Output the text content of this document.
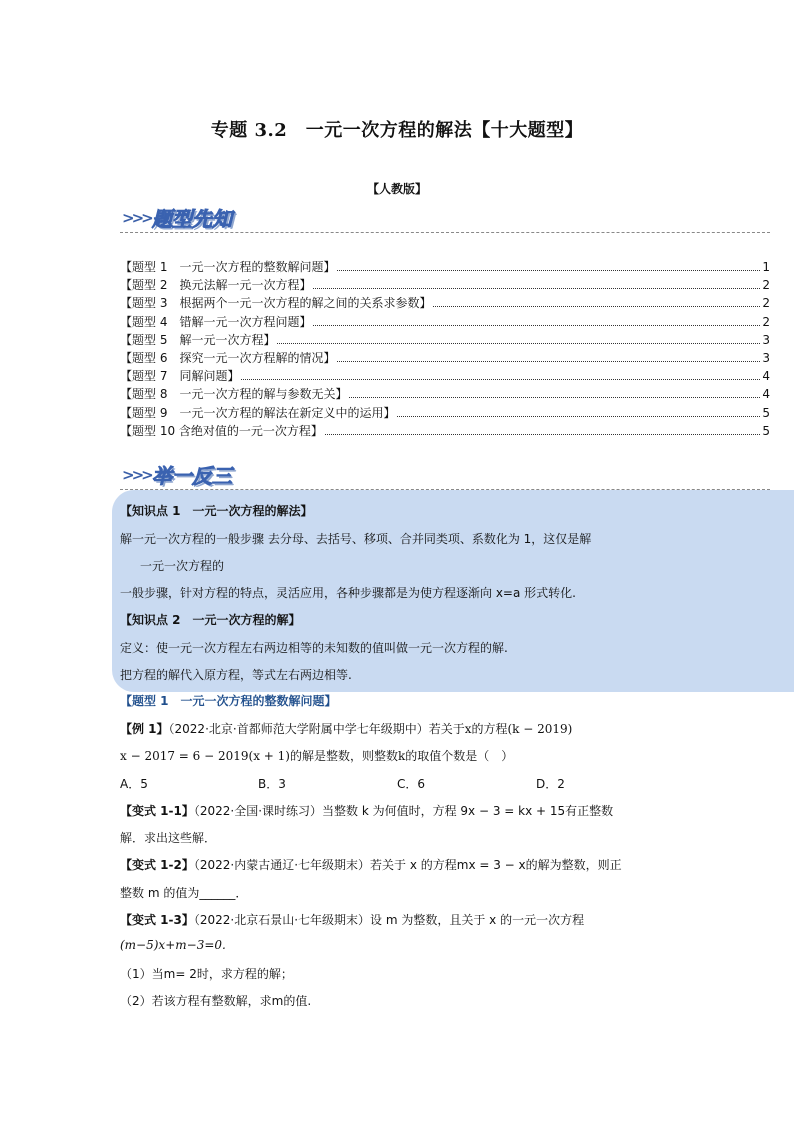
专题 3.2　一元一次方程的解法【十大题型】
【人教版】
>>> 题型先知
【题型 1　一元一次方程的整数解问题】	1
【题型 2　换元法解一元一次方程】	2
【题型 3　根据两个一元一次方程的解之间的关系求参数】	2
【题型 4　错解一元一次方程问题】	2
【题型 5　解一元一次方程】	3
【题型 6　探究一元一次方程解的情况】	3
【题型 7　同解问题】	4
【题型 8　一元一次方程的解与参数无关】	4
【题型 9　一元一次方程的解法在新定义中的运用】	5
【题型 10 含绝对值的一元一次方程】	5
>>> 举一反三
【知识点 1　一元一次方程的解法】
解一元一次方程的一般步骤 去分母、去括号、移项、合并同类项、系数化为 1，这仅是解
一元一次方程的
一般步骤，针对方程的特点，灵活应用，各种步骤都是为使方程逐渐向 x=a 形式转化.
【知识点 2　一元一次方程的解】
定义：使一元一次方程左右两边相等的未知数的值叫做一元一次方程的解.
把方程的解代入原方程，等式左右两边相等.
【题型 1　一元一次方程的整数解问题】
【例 1】（2022·北京·首都师范大学附属中学七年级期中）若关于x的方程(k − 2019)
x − 2017 = 6 − 2019(x + 1)的解是整数，则整数k的取值个数是（　）
A．5	B．3	C．6	D．2
【变式 1-1】（2022·全国·课时练习）当整数 k 为何值时，方程 9x − 3 = kx + 15有正整数
解．求出这些解．
【变式 1-2】（2022·内蒙古通辽·七年级期末）若关于 x 的方程mx = 3 − x的解为整数，则正
整数 m 的值为______．
【变式 1-3】（2022·北京石景山·七年级期末）设 m 为整数，且关于 x 的一元一次方程
(m−5)x+m−3=0.
（1）当m= 2时，求方程的解；
（2）若该方程有整数解，求m的值.
